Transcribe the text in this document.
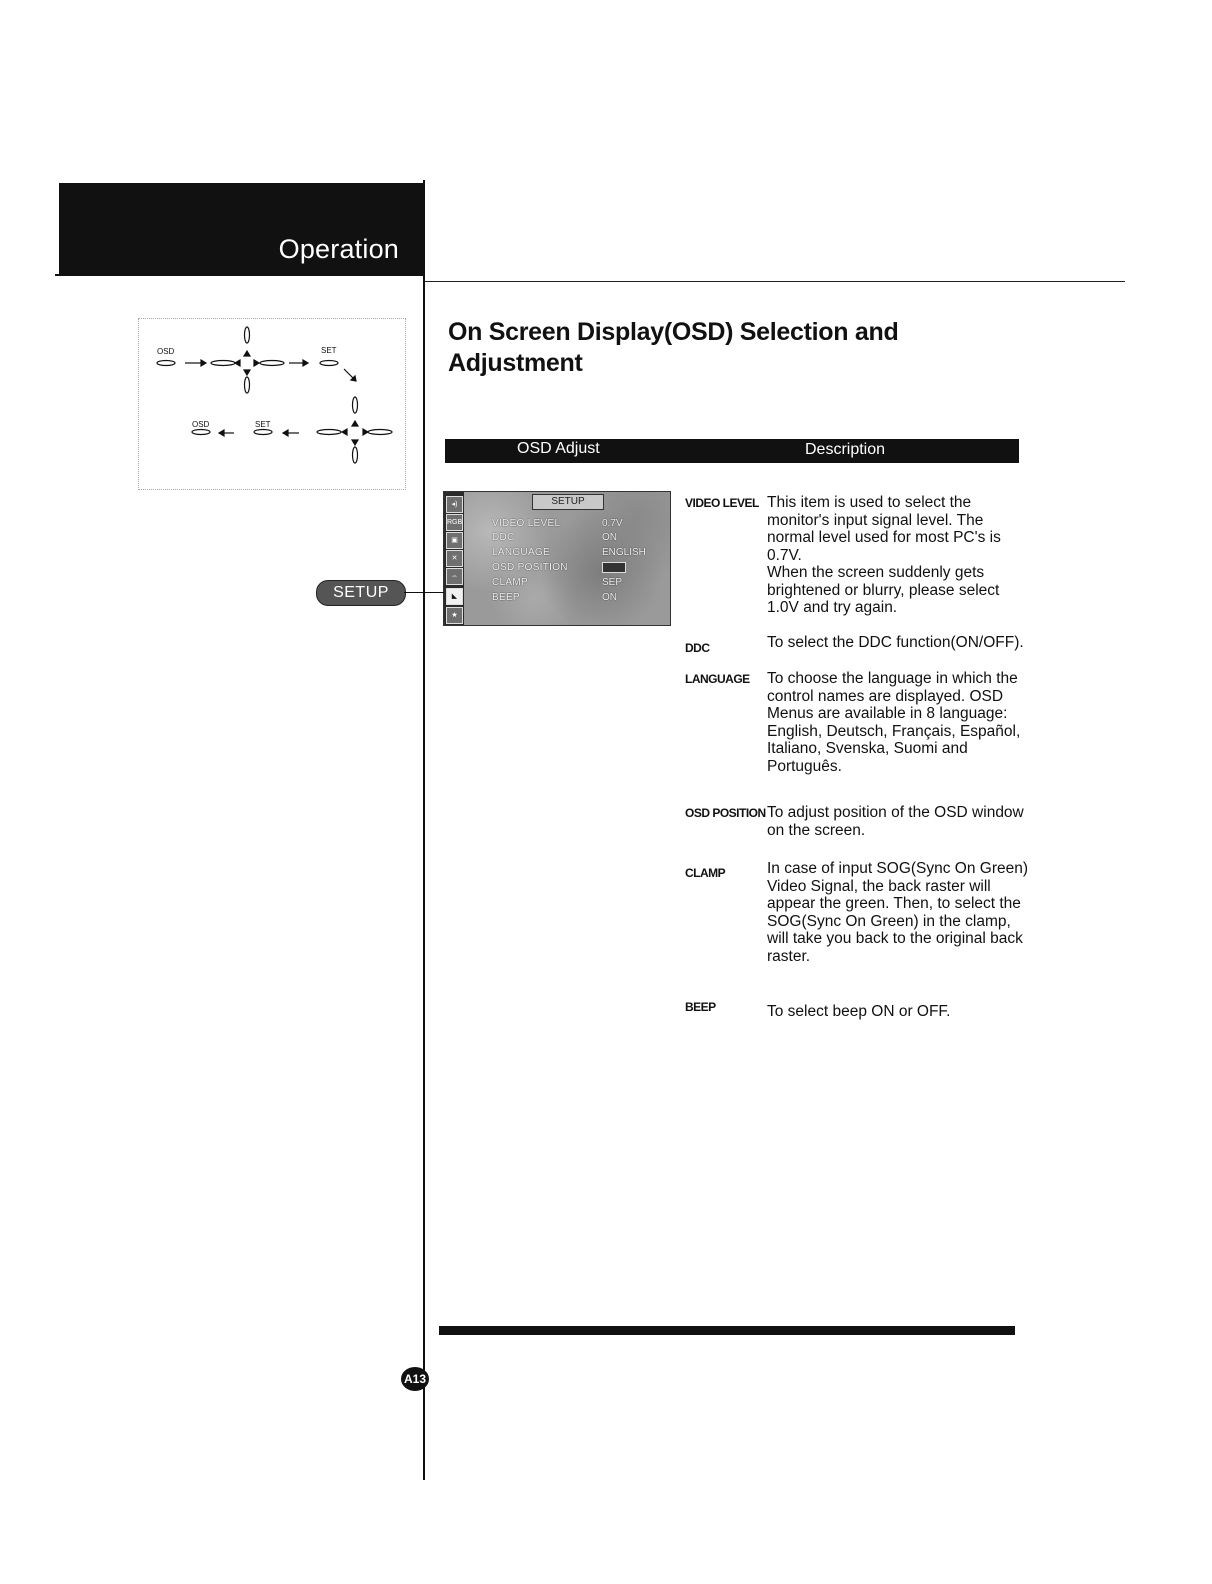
Operation
OSD	SET
OSD	SET
On Screen Display(OSD) Selection and Adjustment
OSD Adjust	Description
◂)
RGB
▣
✕
⇔
◣
★
SETUP
VIDEO LEVEL	0.7V
DDC	ON
LANGUAGE	ENGLISH
OSD POSITION
CLAMP	SEP
BEEP	ON
SETUP
VIDEO LEVEL This item is used to select the monitor's input signal level. The normal level used for most PC's is 0.7V.
When the screen suddenly gets brightened or blurry, please select 1.0V and try again.
DDC	To select the DDC function(ON/OFF).
LANGUAGE To choose the language in which the control names are displayed. OSD Menus are available in 8 language: English, Deutsch, Français, Español, Italiano, Svenska, Suomi and Português.
OSD POSITION To adjust position of the OSD window on the screen.
CLAMP	In case of input SOG(Sync On Green) Video Signal, the back raster will appear the green. Then, to select the SOG(Sync On Green) in the clamp, will take you back to the original back raster.
BEEP	To select beep ON or OFF.
A13
